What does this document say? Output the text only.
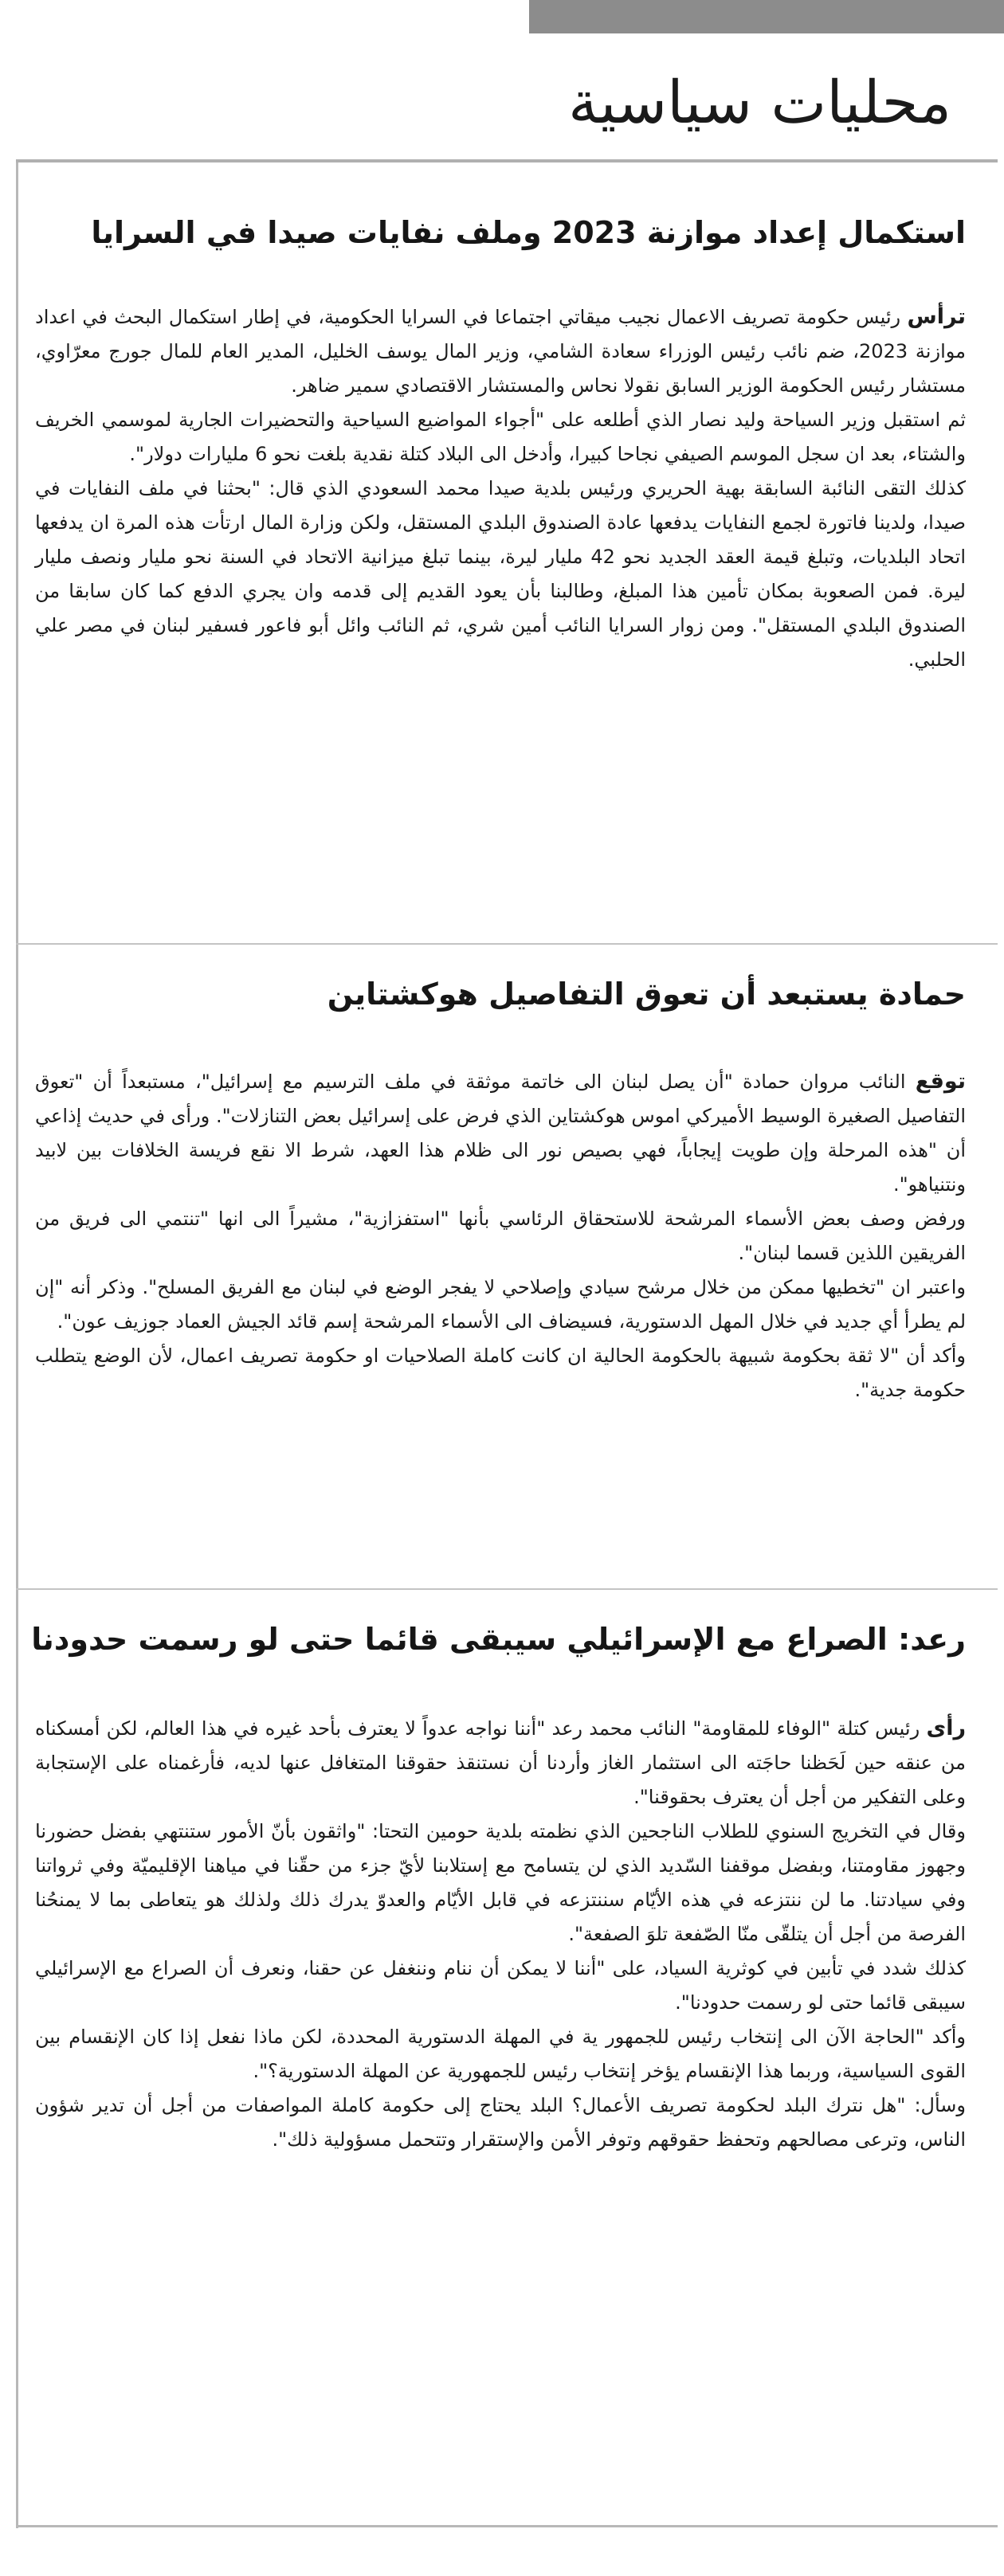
محليات سياسية
استكمال إعداد موازنة 2023 وملف نفايات صيدا في السرايا

ترأس رئيس حكومة تصريف الاعمال نجيب ميقاتي اجتماعا في السرايا الحكومية، في إطار استكمال البحث في اعداد موازنة 2023، ضم نائب رئيس الوزراء سعادة الشامي، وزير المال يوسف الخليل، المدير العام للمال جورج معرّاوي، مستشار رئيس الحكومة الوزير السابق نقولا نحاس والمستشار الاقتصادي سمير ضاهر.

ثم استقبل وزير السياحة وليد نصار الذي أطلعه على "أجواء المواضيع السياحية والتحضيرات الجارية لموسمي الخريف والشتاء، بعد ان سجل الموسم الصيفي نجاحا كبيرا، وأدخل الى البلاد كتلة نقدية بلغت نحو 6 مليارات دولار".

كذلك التقى النائبة السابقة بهية الحريري ورئيس بلدية صيدا محمد السعودي الذي قال: "بحثنا في ملف النفايات في صيدا، ولدينا فاتورة لجمع النفايات يدفعها عادة الصندوق البلدي المستقل، ولكن وزارة المال ارتأت هذه المرة ان يدفعها اتحاد البلديات، وتبلغ قيمة العقد الجديد نحو 42 مليار ليرة، بينما تبلغ ميزانية الاتحاد في السنة نحو مليار ونصف مليار ليرة. فمن الصعوبة بمكان تأمين هذا المبلغ، وطالبنا بأن يعود القديم إلى قدمه وان يجري الدفع كما كان سابقا من الصندوق البلدي المستقل". ومن زوار السرايا النائب أمين شري، ثم النائب وائل أبو فاعور فسفير لبنان في مصر علي الحلبي.

حمادة يستبعد أن تعوق التفاصيل هوكشتاين

توقع النائب مروان حمادة "أن يصل لبنان الى خاتمة موثقة في ملف الترسيم مع إسرائيل"، مستبعداً أن "تعوق التفاصيل الصغيرة الوسيط الأميركي اموس هوكشتاين الذي فرض على إسرائيل بعض التنازلات". ورأى في حديث إذاعي أن "هذه المرحلة وإن طويت إيجاباً، فهي بصيص نور الى ظلام هذا العهد، شرط الا نقع فريسة الخلافات بين لابيد ونتنياهو".

ورفض وصف بعض الأسماء المرشحة للاستحقاق الرئاسي بأنها "استفزازية"، مشيراً الى انها "تنتمي الى فريق من الفريقين اللذين قسما لبنان".

واعتبر ان "تخطيها ممكن من خلال مرشح سيادي وإصلاحي لا يفجر الوضع في لبنان مع الفريق المسلح". وذكر أنه "إن لم يطرأ أي جديد في خلال المهل الدستورية، فسيضاف الى الأسماء المرشحة إسم قائد الجيش العماد جوزيف عون".

وأكد أن "لا ثقة بحكومة شبيهة بالحكومة الحالية ان كانت كاملة الصلاحيات او حكومة تصريف اعمال، لأن الوضع يتطلب حكومة جدية".

رعد: الصراع مع الإسرائيلي سيبقى قائما حتى لو رسمت حدودنا

رأى رئيس كتلة "الوفاء للمقاومة" النائب محمد رعد "أننا نواجه عدواً لا يعترف بأحد غيره في هذا العالم، لكن أمسكناه من عنقه حين لَحَظنا حاجَته الى استثمار الغاز وأردنا أن نستنقذ حقوقنا المتغافل عنها لديه، فأرغمناه على الإستجابة وعلى التفكير من أجل أن يعترف بحقوقنا".

وقال في التخريج السنوي للطلاب الناجحين الذي نظمته بلدية حومين التحتا: "واثقون بأنّ الأمور ستنتهي بفضل حضورنا وجهوز مقاومتنا، وبفضل موقفنا السّديد الذي لن يتسامح مع إستلابنا لأيّ جزء من حقّنا في مياهنا الإقليميّة وفي ثرواتنا وفي سيادتنا. ما لن ننتزعه في هذه الأيّام سننتزعه في قابل الأيّام والعدوّ يدرك ذلك ولذلك هو يتعاطى بما لا يمنحُنا الفرصة من أجل أن يتلقّى منّا الصّفعة تلوَ الصفعة".

كذلك شدد في تأبين في كوثرية السياد، على "أننا لا يمكن أن ننام وننغفل عن حقنا، ونعرف أن الصراع مع الإسرائيلي سيبقى قائما حتى لو رسمت حدودنا".

وأكد "الحاجة الآن الى إنتخاب رئيس للجمهور ية في المهلة الدستورية المحددة، لكن ماذا نفعل إذا كان الإنقسام بين القوى السياسية، وربما هذا الإنقسام يؤخر إنتخاب رئيس للجمهورية عن المهلة الدستورية؟".

وسأل: "هل نترك البلد لحكومة تصريف الأعمال؟ البلد يحتاج إلى حكومة كاملة المواصفات من أجل أن تدير شؤون الناس، وترعى مصالحهم وتحفظ حقوقهم وتوفر الأمن والإستقرار وتتحمل مسؤولية ذلك".
